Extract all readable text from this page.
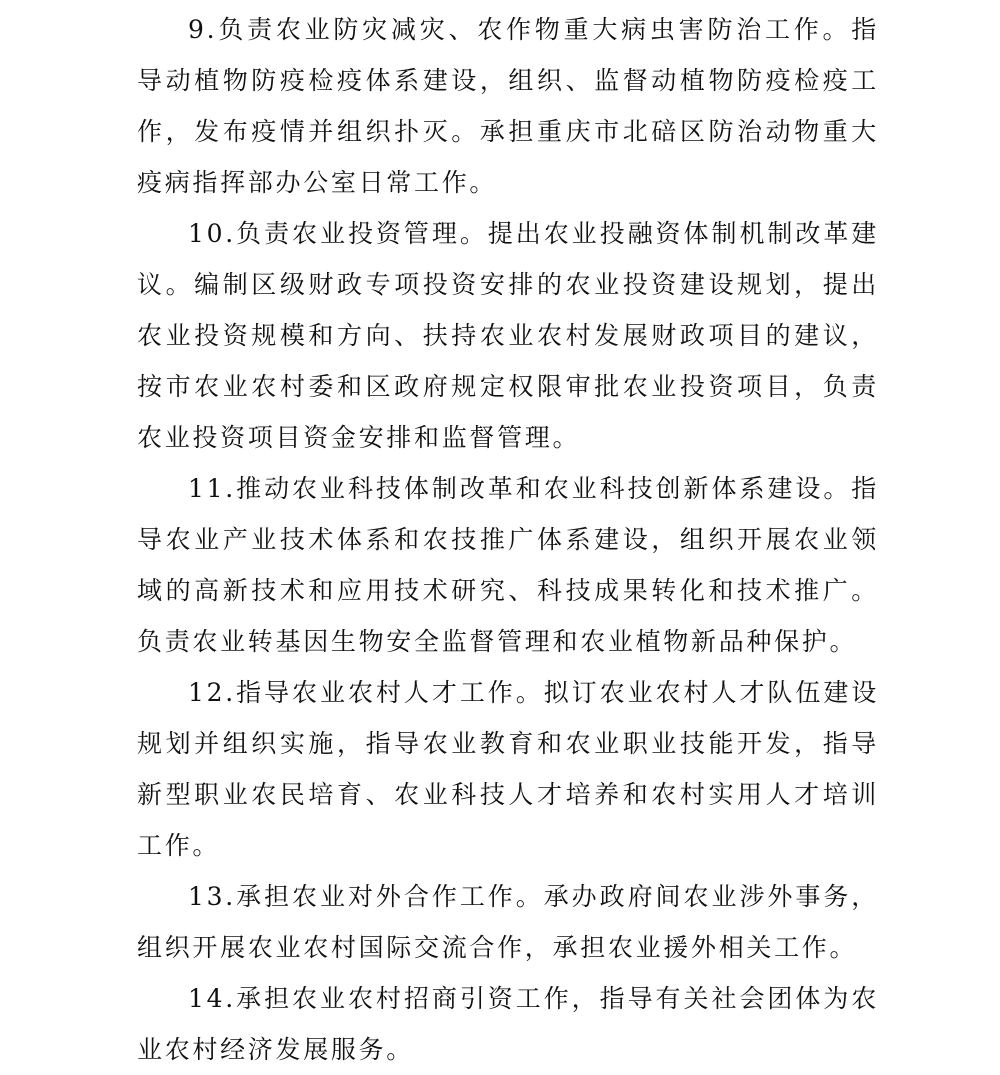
9.负责农业防灾减灾、农作物重大病虫害防治工作。指导动植物防疫检疫体系建设，组织、监督动植物防疫检疫工作，发布疫情并组织扑灭。承担重庆市北碚区防治动物重大疫病指挥部办公室日常工作。

10.负责农业投资管理。提出农业投融资体制机制改革建议。编制区级财政专项投资安排的农业投资建设规划，提出农业投资规模和方向、扶持农业农村发展财政项目的建议，按市农业农村委和区政府规定权限审批农业投资项目，负责农业投资项目资金安排和监督管理。

11.推动农业科技体制改革和农业科技创新体系建设。指导农业产业技术体系和农技推广体系建设，组织开展农业领域的高新技术和应用技术研究、科技成果转化和技术推广。负责农业转基因生物安全监督管理和农业植物新品种保护。

12.指导农业农村人才工作。拟订农业农村人才队伍建设规划并组织实施，指导农业教育和农业职业技能开发，指导新型职业农民培育、农业科技人才培养和农村实用人才培训工作。

13.承担农业对外合作工作。承办政府间农业涉外事务，组织开展农业农村国际交流合作，承担农业援外相关工作。

14.承担农业农村招商引资工作，指导有关社会团体为农业农村经济发展服务。
